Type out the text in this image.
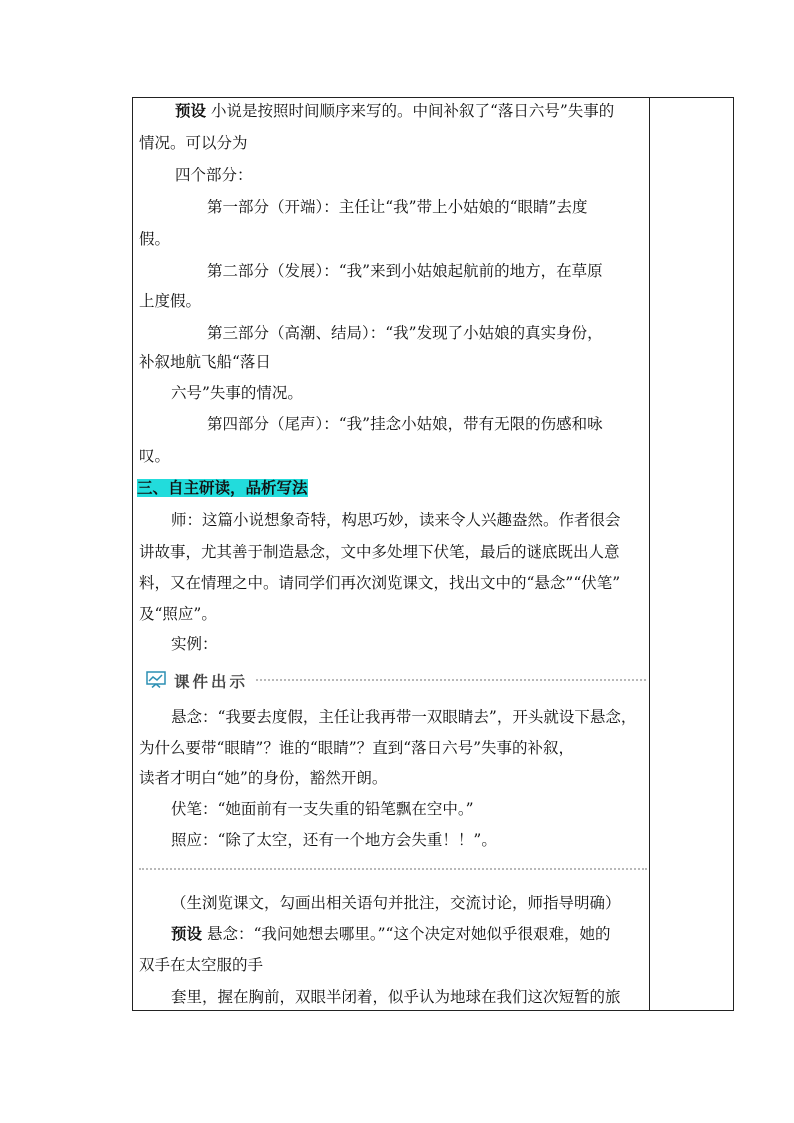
预设 小说是按照时间顺序来写的。中间补叙了“落日六号”失事的
情况。可以分为
四个部分：
第一部分（开端）：主任让“我”带上小姑娘的“眼睛”去度
假。
第二部分（发展）：“我”来到小姑娘起航前的地方，在草原
上度假。
第三部分（高潮、结局）：“我”发现了小姑娘的真实身份，
补叙地航飞船“落日
六号”失事的情况。
第四部分（尾声）：“我”挂念小姑娘，带有无限的伤感和咏
叹。
三、自主研读，品析写法
师：这篇小说想象奇特，构思巧妙，读来令人兴趣盎然。作者很会
讲故事，尤其善于制造悬念，文中多处埋下伏笔，最后的谜底既出人意
料，又在情理之中。请同学们再次浏览课文，找出文中的“悬念”“伏笔”
及“照应”。
实例：
课件出示
悬念：“我要去度假，主任让我再带一双眼睛去”，开头就设下悬念，
为什么要带“眼睛”？谁的“眼睛”？直到“落日六号”失事的补叙，
读者才明白“她”的身份，豁然开朗。
伏笔：“她面前有一支失重的铅笔飘在空中。”
照应：“除了太空，还有一个地方会失重！！”。
（生浏览课文，勾画出相关语句并批注，交流讨论，师指导明确）
预设 悬念：“我问她想去哪里。”“这个决定对她似乎很艰难，她的
双手在太空服的手
套里，握在胸前，双眼半闭着，似乎认为地球在我们这次短暂的旅
